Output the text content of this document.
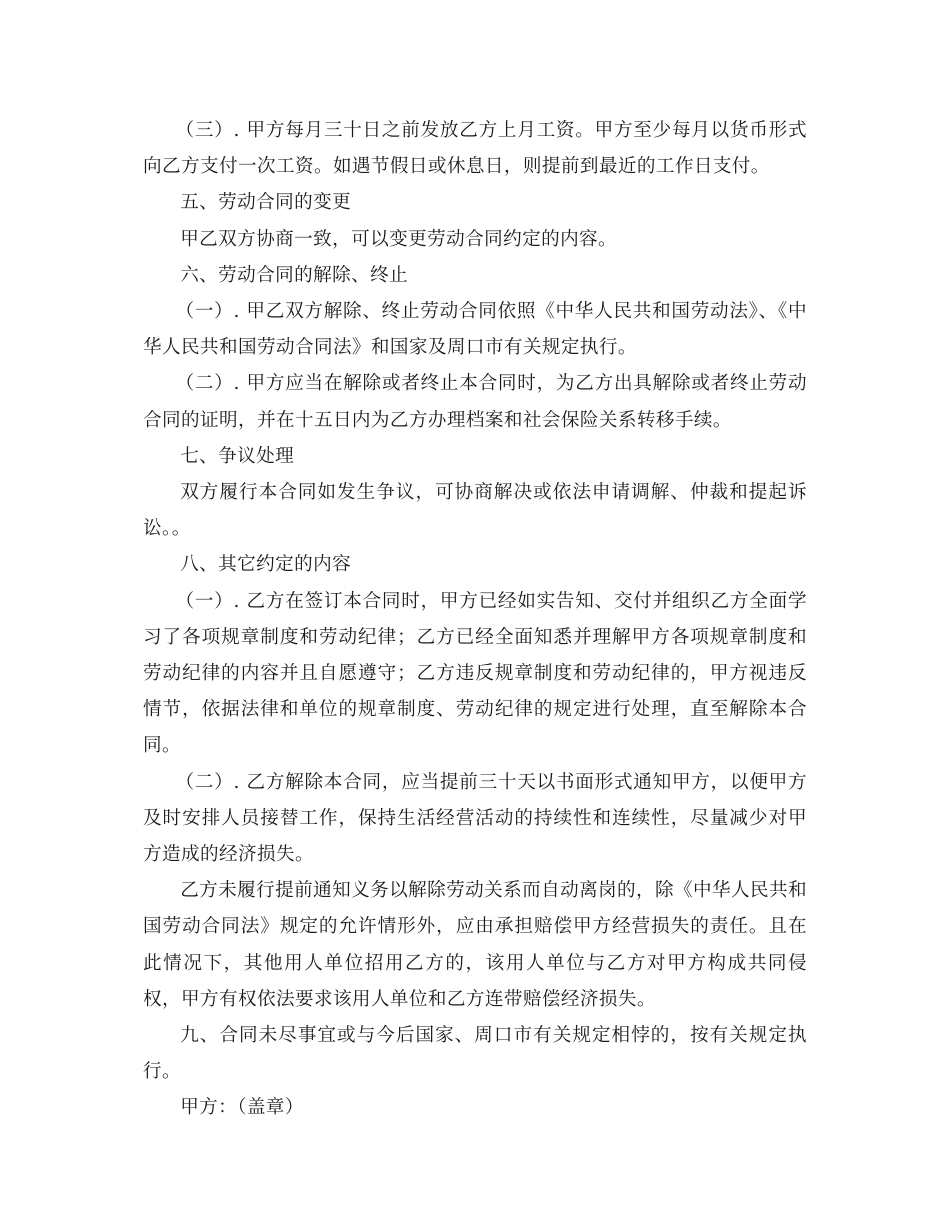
（三）. 甲方每月三十日之前发放乙方上月工资。甲方至少每月以货币形式向乙方支付一次工资。如遇节假日或休息日，则提前到最近的工作日支付。

五、劳动合同的变更

甲乙双方协商一致，可以变更劳动合同约定的内容。

六、劳动合同的解除、终止

（一）. 甲乙双方解除、终止劳动合同依照《中华人民共和国劳动法》、《中华人民共和国劳动合同法》和国家及周口市有关规定执行。

（二）. 甲方应当在解除或者终止本合同时，为乙方出具解除或者终止劳动合同的证明，并在十五日内为乙方办理档案和社会保险关系转移手续。

七、争议处理

双方履行本合同如发生争议，可协商解决或依法申请调解、仲裁和提起诉讼。。

八、其它约定的内容

（一）. 乙方在签订本合同时，甲方已经如实告知、交付并组织乙方全面学习了各项规章制度和劳动纪律；乙方已经全面知悉并理解甲方各项规章制度和劳动纪律的内容并且自愿遵守；乙方违反规章制度和劳动纪律的，甲方视违反情节，依据法律和单位的规章制度、劳动纪律的规定进行处理，直至解除本合同。

（二）. 乙方解除本合同，应当提前三十天以书面形式通知甲方，以便甲方及时安排人员接替工作，保持生活经营活动的持续性和连续性，尽量减少对甲方造成的经济损失。

乙方未履行提前通知义务以解除劳动关系而自动离岗的，除《中华人民共和国劳动合同法》规定的允许情形外，应由承担赔偿甲方经营损失的责任。且在此情况下，其他用人单位招用乙方的，该用人单位与乙方对甲方构成共同侵权，甲方有权依法要求该用人单位和乙方连带赔偿经济损失。

九、合同未尽事宜或与今后国家、周口市有关规定相悖的，按有关规定执行。

甲方：（盖章）
